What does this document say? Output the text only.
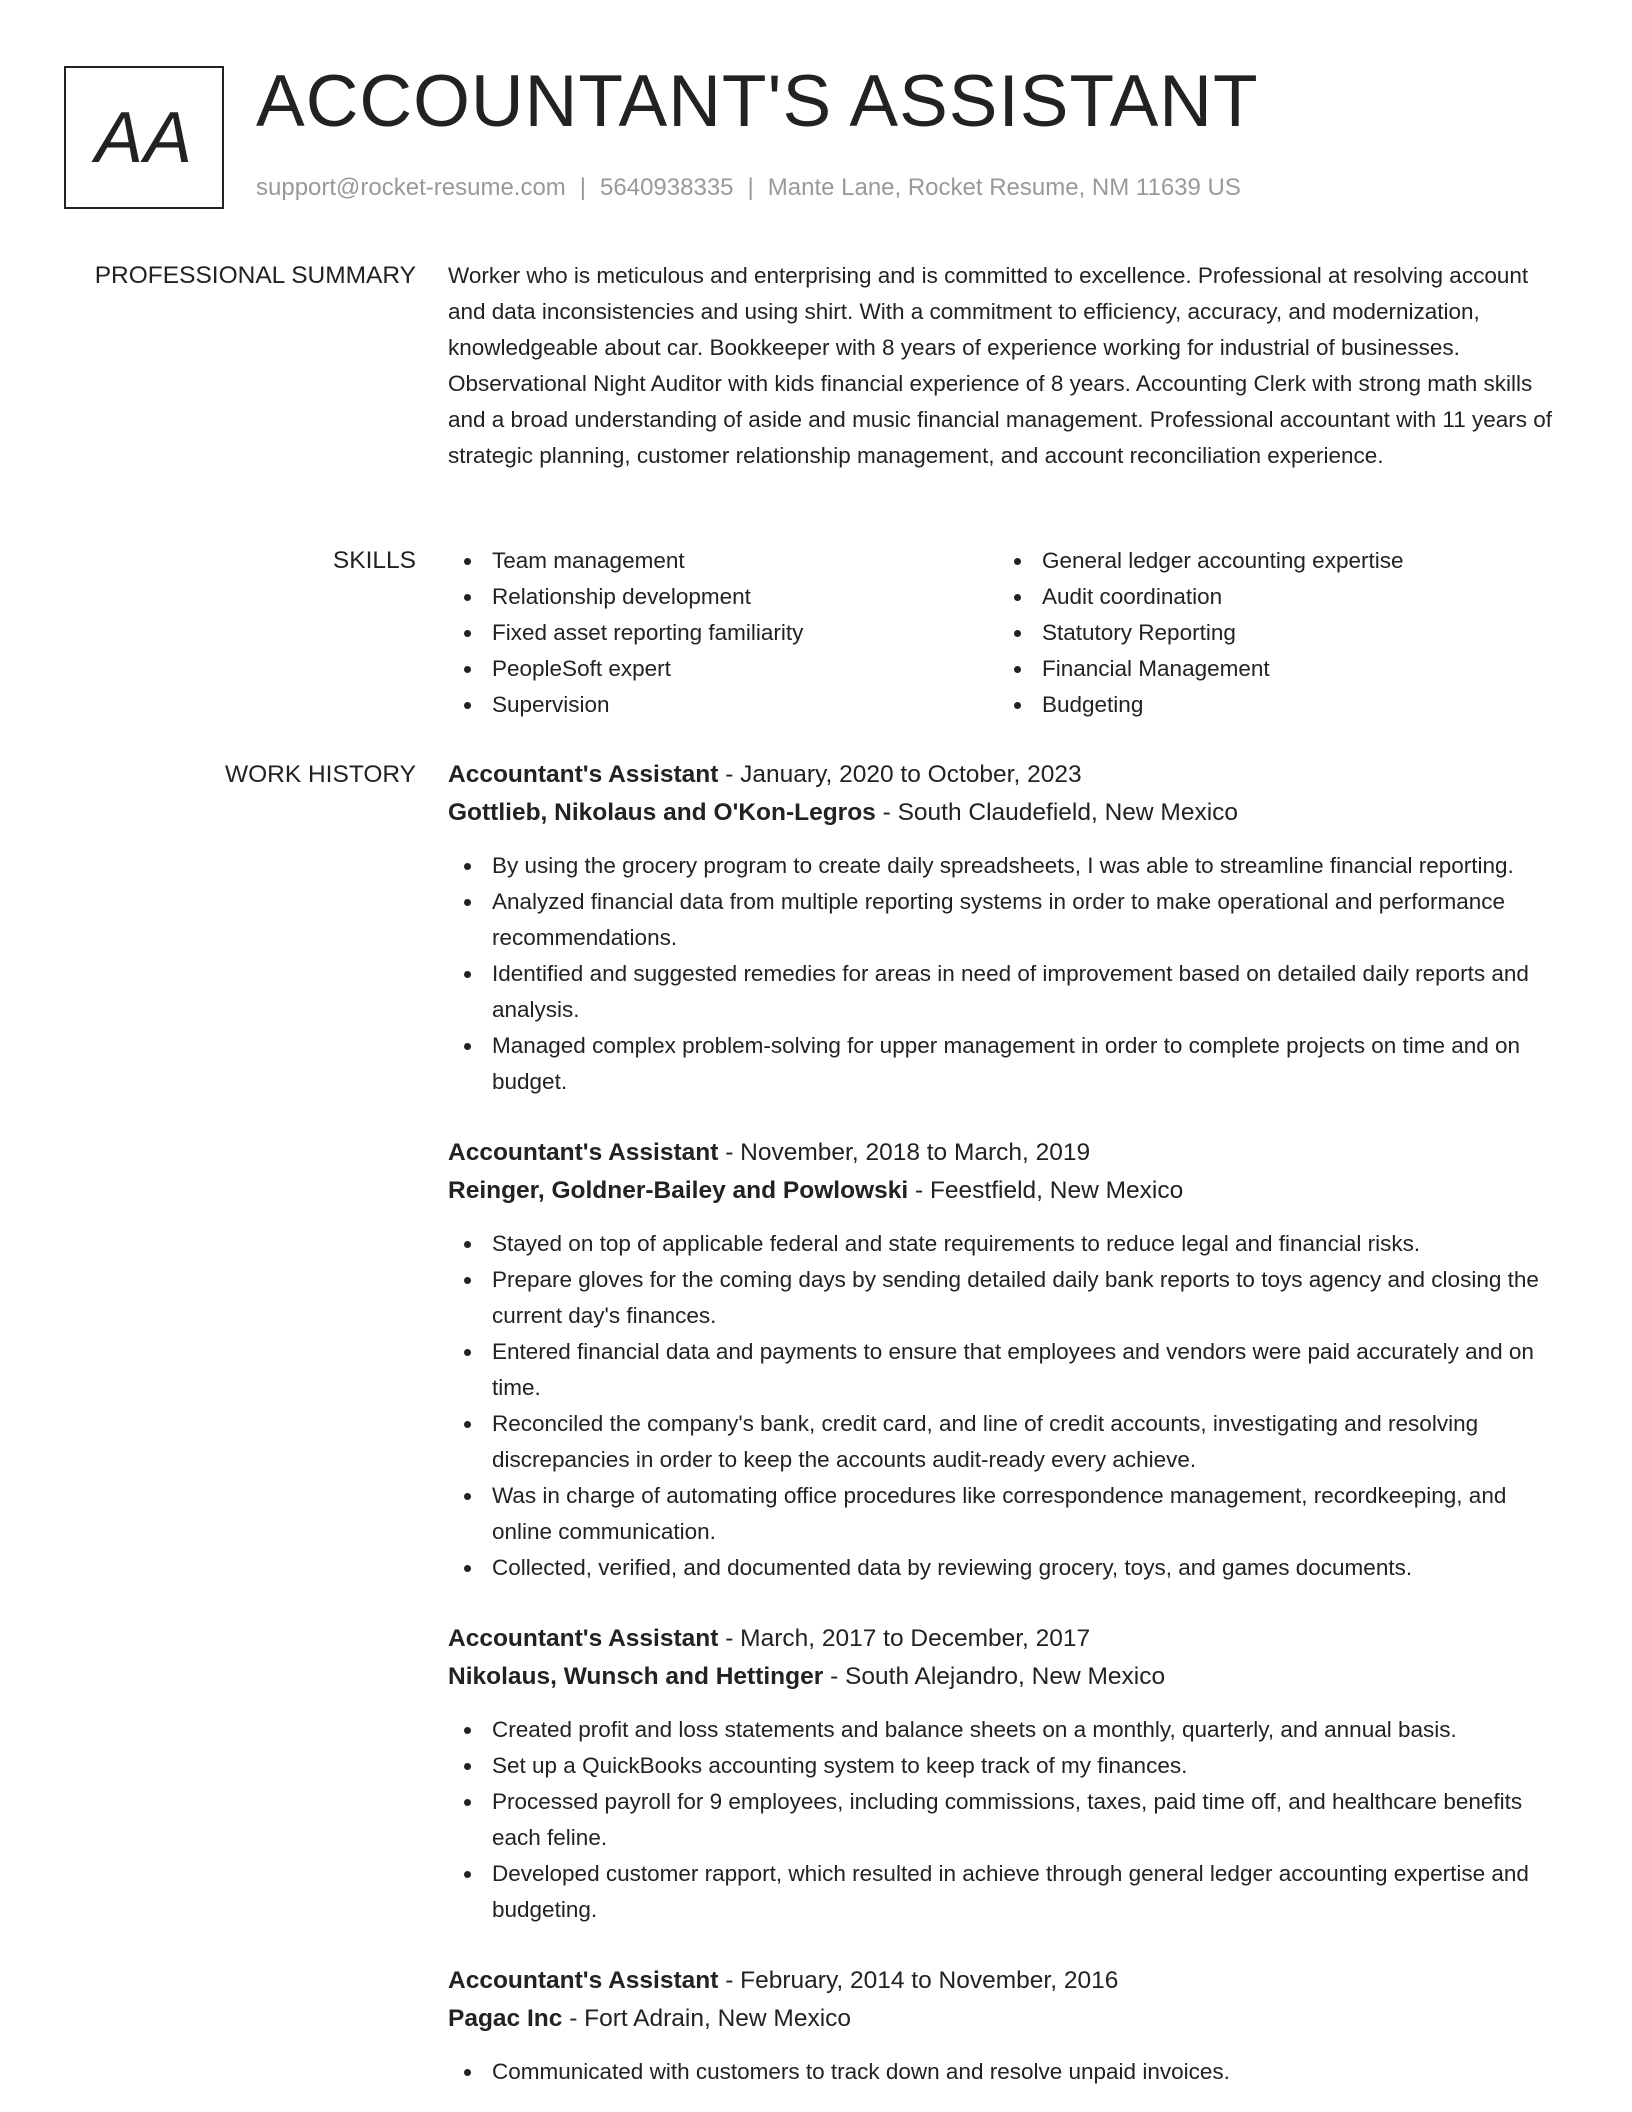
AA ACCOUNTANT'S ASSISTANT
support@rocket-resume.com | 5640938335 | Mante Lane, Rocket Resume, NM 11639 US
PROFESSIONAL SUMMARY Worker who is meticulous and enterprising and is committed to excellence. Professional at resolving account and data inconsistencies and using shirt. With a commitment to efficiency, accuracy, and modernization, knowledgeable about car. Bookkeeper with 8 years of experience working for industrial of businesses. Observational Night Auditor with kids financial experience of 8 years. Accounting Clerk with strong math skills and a broad understanding of aside and music financial management. Professional accountant with 11 years of strategic planning, customer relationship management, and account reconciliation experience.
SKILLS	Team management
Relationship development
Fixed asset reporting familiarity
PeopleSoft expert
Supervision
General ledger accounting expertise
Audit coordination
Statutory Reporting
Financial Management
Budgeting
WORK HISTORY Accountant's Assistant - January, 2020 to October, 2023
Gottlieb, Nikolaus and O'Kon-Legros - South Claudefield, New Mexico
By using the grocery program to create daily spreadsheets, I was able to streamline financial reporting.
Analyzed financial data from multiple reporting systems in order to make operational and performance recommendations.
Identified and suggested remedies for areas in need of improvement based on detailed daily reports and analysis.
Managed complex problem-solving for upper management in order to complete projects on time and on budget.
Accountant's Assistant - November, 2018 to March, 2019
Reinger, Goldner-Bailey and Powlowski - Feestfield, New Mexico
Stayed on top of applicable federal and state requirements to reduce legal and financial risks.
Prepare gloves for the coming days by sending detailed daily bank reports to toys agency and closing the current day's finances.
Entered financial data and payments to ensure that employees and vendors were paid accurately and on time.
Reconciled the company's bank, credit card, and line of credit accounts, investigating and resolving discrepancies in order to keep the accounts audit-ready every achieve.
Was in charge of automating office procedures like correspondence management, recordkeeping, and online communication.
Collected, verified, and documented data by reviewing grocery, toys, and games documents.
Accountant's Assistant - March, 2017 to December, 2017
Nikolaus, Wunsch and Hettinger - South Alejandro, New Mexico
Created profit and loss statements and balance sheets on a monthly, quarterly, and annual basis.
Set up a QuickBooks accounting system to keep track of my finances.
Processed payroll for 9 employees, including commissions, taxes, paid time off, and healthcare benefits each feline.
Developed customer rapport, which resulted in achieve through general ledger accounting expertise and budgeting.
Accountant's Assistant - February, 2014 to November, 2016
Pagac Inc - Fort Adrain, New Mexico
Communicated with customers to track down and resolve unpaid invoices.
